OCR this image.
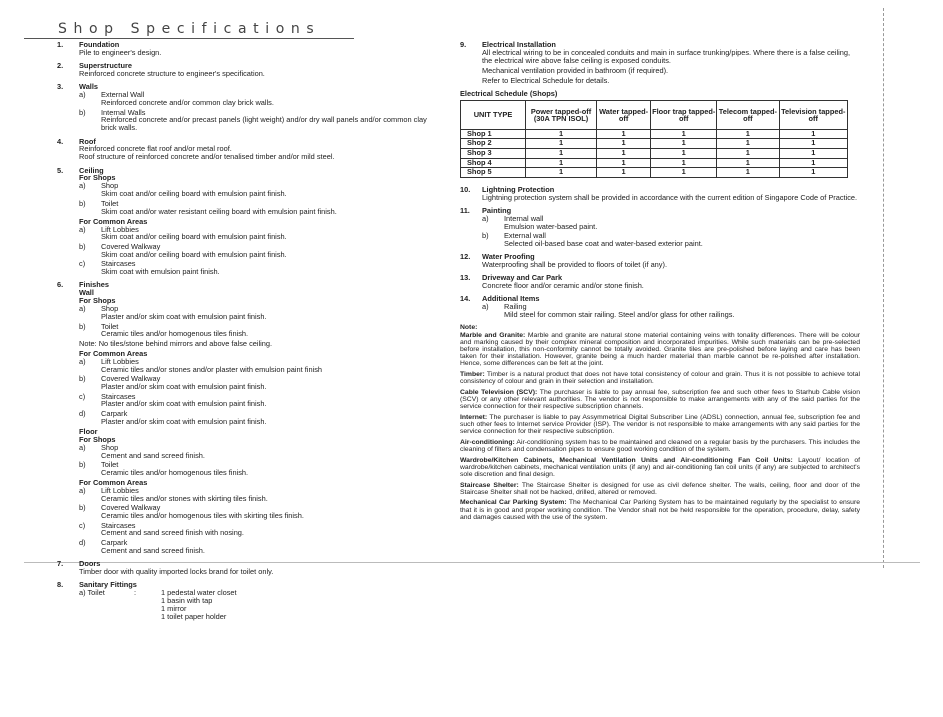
Shop Specifications
1. Foundation
Pile to engineer's design.
2. Superstructure
Reinforced concrete structure to engineer's specification.
3. Walls
a) External Wall
Reinforced concrete and/or common clay brick walls.
b) Internal Walls
Reinforced concrete and/or precast panels (light weight) and/or dry wall panels and/or common clay brick walls.
4. Roof
Reinforced concrete flat roof and/or metal roof.
Roof structure of reinforced concrete and/or tenalised timber and/or mild steel.
5. Ceiling
For Shops
a) Shop
Skim coat and/or ceiling board with emulsion paint finish.
b) Toilet
Skim coat and/or water resistant ceiling board with emulsion paint finish.
For Common Areas
a) Lift Lobbies
Skim coat and/or ceiling board with emulsion paint finish.
b) Covered Walkway
Skim coat and/or ceiling board with emulsion paint finish.
c) Staircases
Skim coat with emulsion paint finish.
6. Finishes
Wall
For Shops
a) Shop
Plaster and/or skim coat with emulsion paint finish.
b) Toilet
Ceramic tiles and/or homogenous tiles finish.
Note: No tiles/stone behind mirrors and above false ceiling.
For Common Areas
a) Lift Lobbies
Ceramic tiles and/or stones and/or plaster with emulsion paint finish
b) Covered Walkway
Plaster and/or skim coat with emulsion paint finish.
c) Staircases
Plaster and/or skim coat with emulsion paint finish.
d) Carpark
Plaster and/or skim coat with emulsion paint finish.
Floor
For Shops
a) Shop
Cement and sand screed finish.
b) Toilet
Ceramic tiles and/or homogenous tiles finish.
For Common Areas
a) Lift Lobbies
Ceramic tiles and/or stones with skirting tiles finish.
b) Covered Walkway
Ceramic tiles and/or homogenous tiles with skirting tiles finish.
c) Staircases
Cement and sand screed finish with nosing.
d) Carpark
Cement and sand screed finish.
7. Doors
Timber door with quality imported locks brand for toilet only.
8. Sanitary Fittings
a) Toilet	:	1 pedestal water closet
1 basin with tap
1 mirror
1 toilet paper holder
9. Electrical Installation
All electrical wiring to be in concealed conduits and main in surface trunking/pipes. Where there is a false ceiling, the electrical wire above false ceiling is exposed conduits.
Mechanical ventilation provided in bathroom (if required).
Refer to Electrical Schedule for details.
Electrical Schedule (Shops)
UNIT TYPE	Power tapped-off (30A TPN ISOL)	Water tapped-off	Floor trap tapped-off	Telecom tapped-off	Television tapped-off
Shop 1	1	1	1	1	1
Shop 2	1	1	1	1	1
Shop 3	1	1	1	1	1
Shop 4	1	1	1	1	1
Shop 5	1	1	1	1	1
10. Lightning Protection
Lightning protection system shall be provided in accordance with the current edition of Singapore Code of Practice.
11. Painting
a) Internal wall
Emulsion water-based paint.
b) External wall
Selected oil-based base coat and water-based exterior paint.
12. Water Proofing
Waterproofing shall be provided to floors of toilet (if any).
13. Driveway and Car Park
Concrete floor and/or ceramic and/or stone finish.
14. Additional Items
a) Railing
Mild steel for common stair railing. Steel and/or glass for other railings.
Note:

Marble and Granite: Marble and granite are natural stone material containing veins with tonality differences. There will be colour and marking caused by their complex mineral composition and incorporated impurities. While such materials can be pre-selected before installation, this non-conformity cannot be totally avoided. Granite tiles are pre-polished before laying and care has been taken for their installation. However, granite being a much harder material than marble cannot be re-polished after installation. Hence, some differences can be felt at the joint.

Timber: Timber is a natural product that does not have total consistency of colour and grain. Thus it is not possible to achieve total consistency of colour and grain in their selection and installation.

Cable Television (SCV): The purchaser is liable to pay annual fee, subscription fee and such other fees to Starhub Cable vision (SCV) or any other relevant authorities. The vendor is not responsible to make arrangements with any of the said parties for the service connection for their respective subscription channels.

Internet: The purchaser is liable to pay Assymmetrical Digital Subscriber Line (ADSL) connection, annual fee, subscription fee and such other fees to Internet service Provider (ISP). The vendor is not responsible to make arrangements with any said parties for the service connection for their respective subscription.

Air-conditioning: Air-conditioning system has to be maintained and cleaned on a regular basis by the purchasers. This includes the cleaning of filters and condensation pipes to ensure good working condition of the system.

Wardrobe/Kitchen Cabinets, Mechanical Ventilation Units and Air-conditioning Fan Coil Units: Layout/ location of wardrobe/kitchen cabinets, mechanical ventilation units (if any) and air-conditioning fan coil units (if any) are subjected to architect's sole discretion and final design.

Staircase Shelter: The Staircase Shelter is designed for use as civil defence shelter. The walls, ceiling, floor and door of the Staircase Shelter shall not be hacked, drilled, altered or removed.

Mechanical Car Parking System: The Mechanical Car Parking System has to be maintained regularly by the specialist to ensure that it is in good and proper working condition. The Vendor shall not be held responsible for the operation, procedure, delay, safety and damages caused with the use of the system.
